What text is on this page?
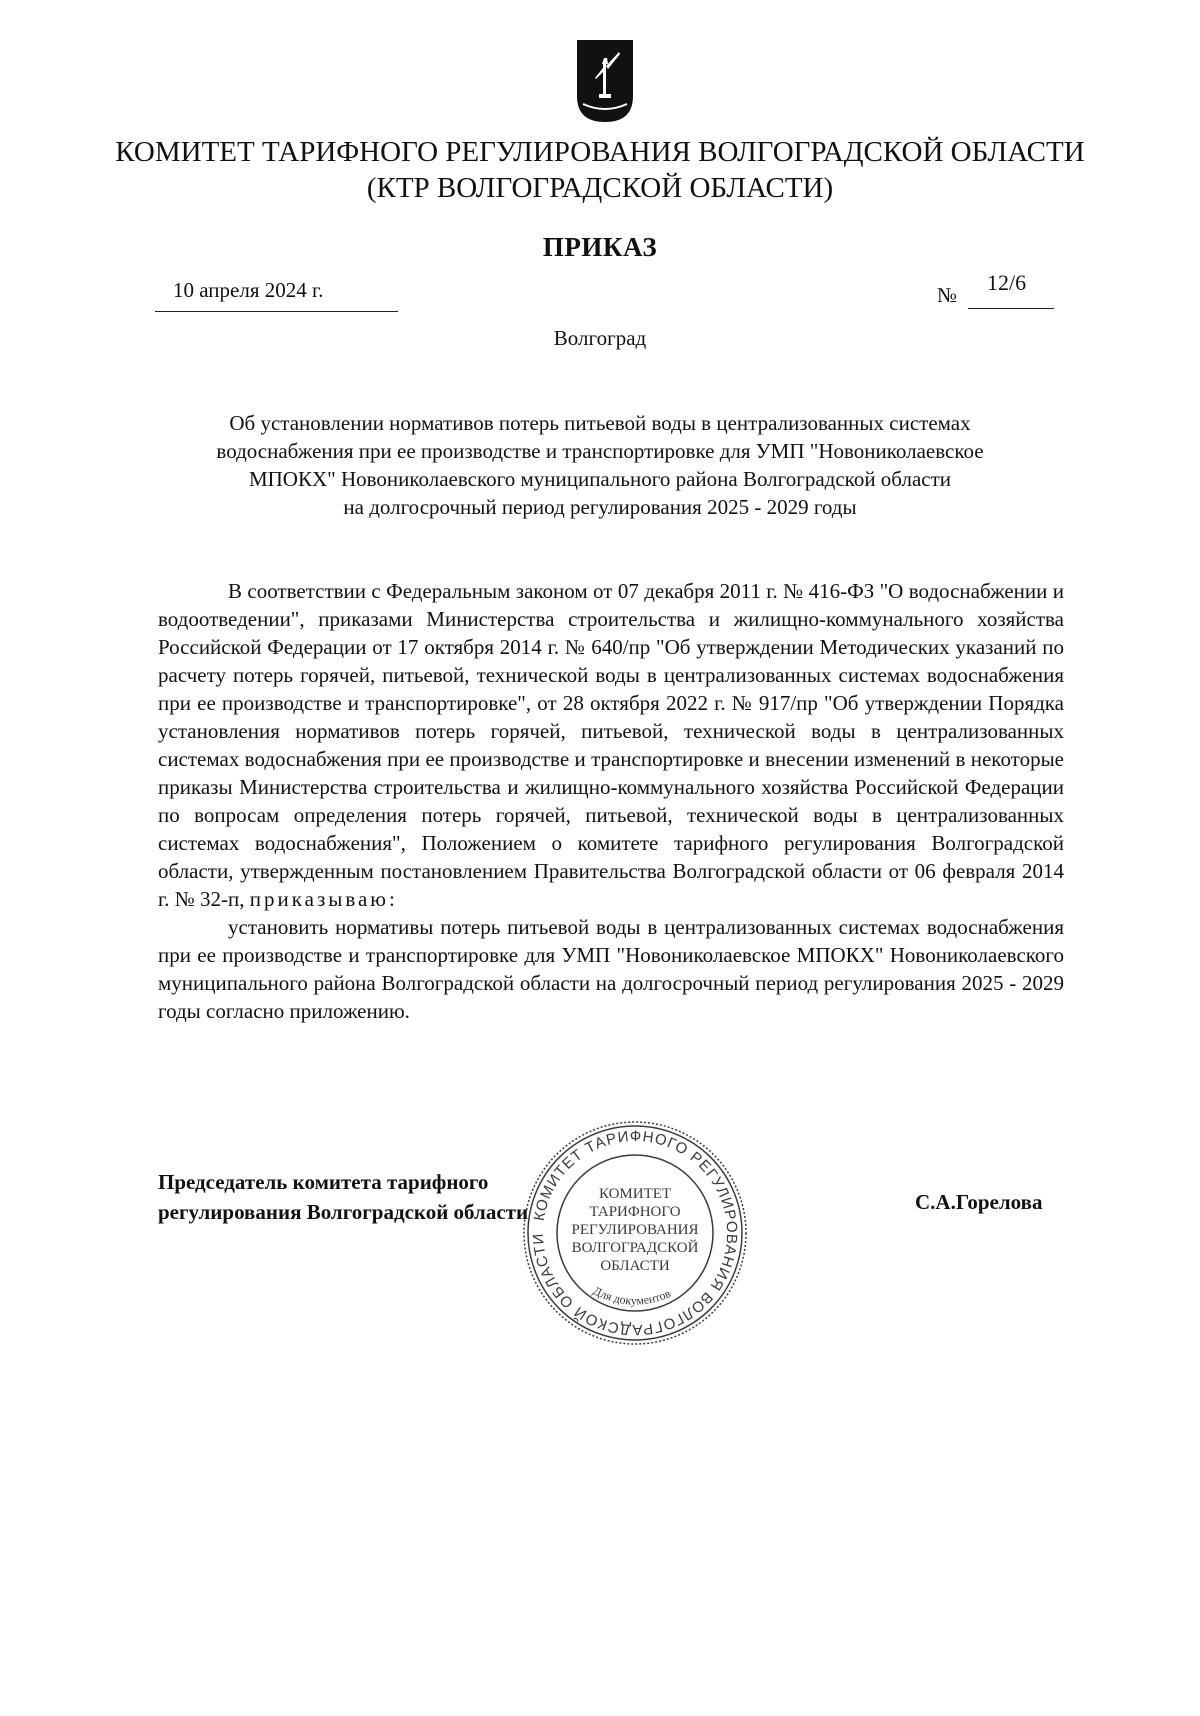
КОМИТЕТ ТАРИФНОГО РЕГУЛИРОВАНИЯ ВОЛГОГРАДСКОЙ ОБЛАСТИ
(КТР ВОЛГОГРАДСКОЙ ОБЛАСТИ)
ПРИКАЗ
10 апреля 2024 г.	№ 12/6
Волгоград
Об установлении нормативов потерь питьевой воды в централизованных системах
водоснабжения при ее производстве и транспортировке для УМП "Новониколаевское
МПОКХ" Новониколаевского муниципального района Волгоградской области
на долгосрочный период регулирования 2025 - 2029 годы

В соответствии с Федеральным законом от 07 декабря 2011 г. № 416-ФЗ "О водоснабжении и водоотведении", приказами Министерства строительства и жилищно-коммунального хозяйства Российской Федерации от 17 октября 2014 г. № 640/пр "Об утверждении Методических указаний по расчету потерь горячей, питьевой, технической воды в централизованных системах водоснабжения при ее производстве и транспортировке", от 28 октября 2022 г. № 917/пр "Об утверждении Порядка установления нормативов потерь горячей, питьевой, технической воды в централизованных системах водоснабжения при ее производстве и транспортировке и внесении изменений в некоторые приказы Министерства строительства и жилищно-коммунального хозяйства Российской Федерации по вопросам определения потерь горячей, питьевой, технической воды в централизованных системах водоснабжения", Положением о комитете тарифного регулирования Волгоградской области, утвержденным постановлением Правительства Волгоградской области от 06 февраля 2014 г. № 32-п, приказываю:

установить нормативы потерь питьевой воды в централизованных системах водоснабжения при ее производстве и транспортировке для УМП "Новониколаевское МПОКХ" Новониколаевского муниципального района Волгоградской области на долгосрочный период регулирования 2025 - 2029 годы согласно приложению.

КОМИТЕТ ТАРИФНОГО РЕГУЛИРОВАНИЯ ВОЛГОГРАДСКОЙ ОБЛАСТИ
КОМИТЕТ
ТАРИФНОГО
РЕГУЛИРОВАНИЯ
ВОЛГОГРАДСКОЙ
ОБЛАСТИ
Для документов
Председатель комитета тарифного
регулирования Волгоградской области	С.А.Горелова
